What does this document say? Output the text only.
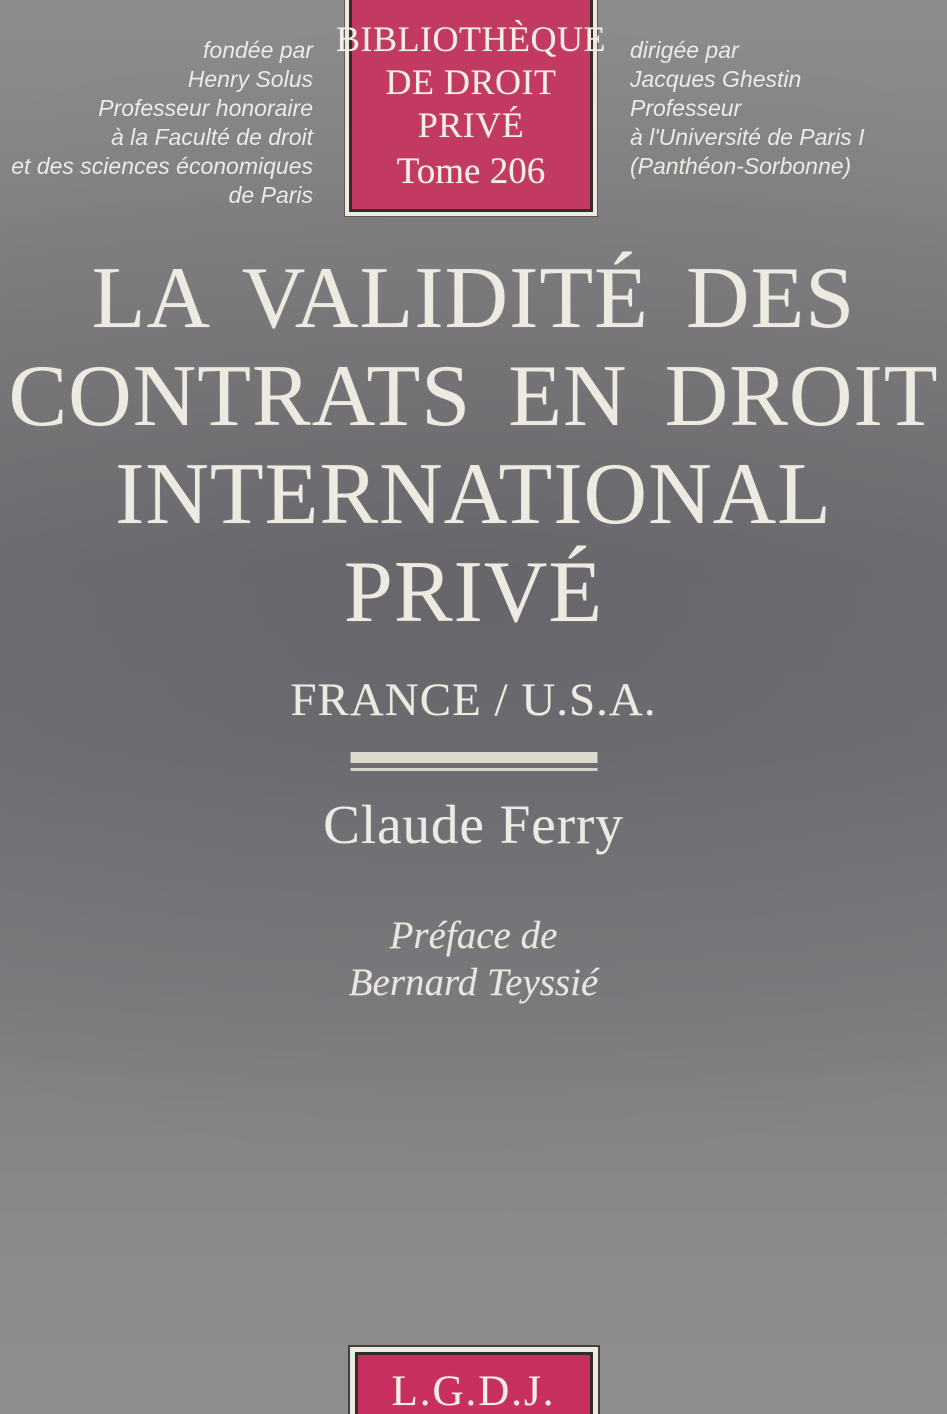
BIBLIOTHÈQUE
DE DROIT
PRIVÉ
Tome 206
fondée par
Henry Solus
Professeur honoraire
à la Faculté de droit
et des sciences économiques
de Paris
dirigée par
Jacques Ghestin
Professeur
à l'Université de Paris I
(Panthéon-Sorbonne)
LA VALIDITÉ DES
CONTRATS EN DROIT
INTERNATIONAL
PRIVÉ
FRANCE / U.S.A.
Claude Ferry
Préface de
Bernard Teyssié
L.G.D.J.
